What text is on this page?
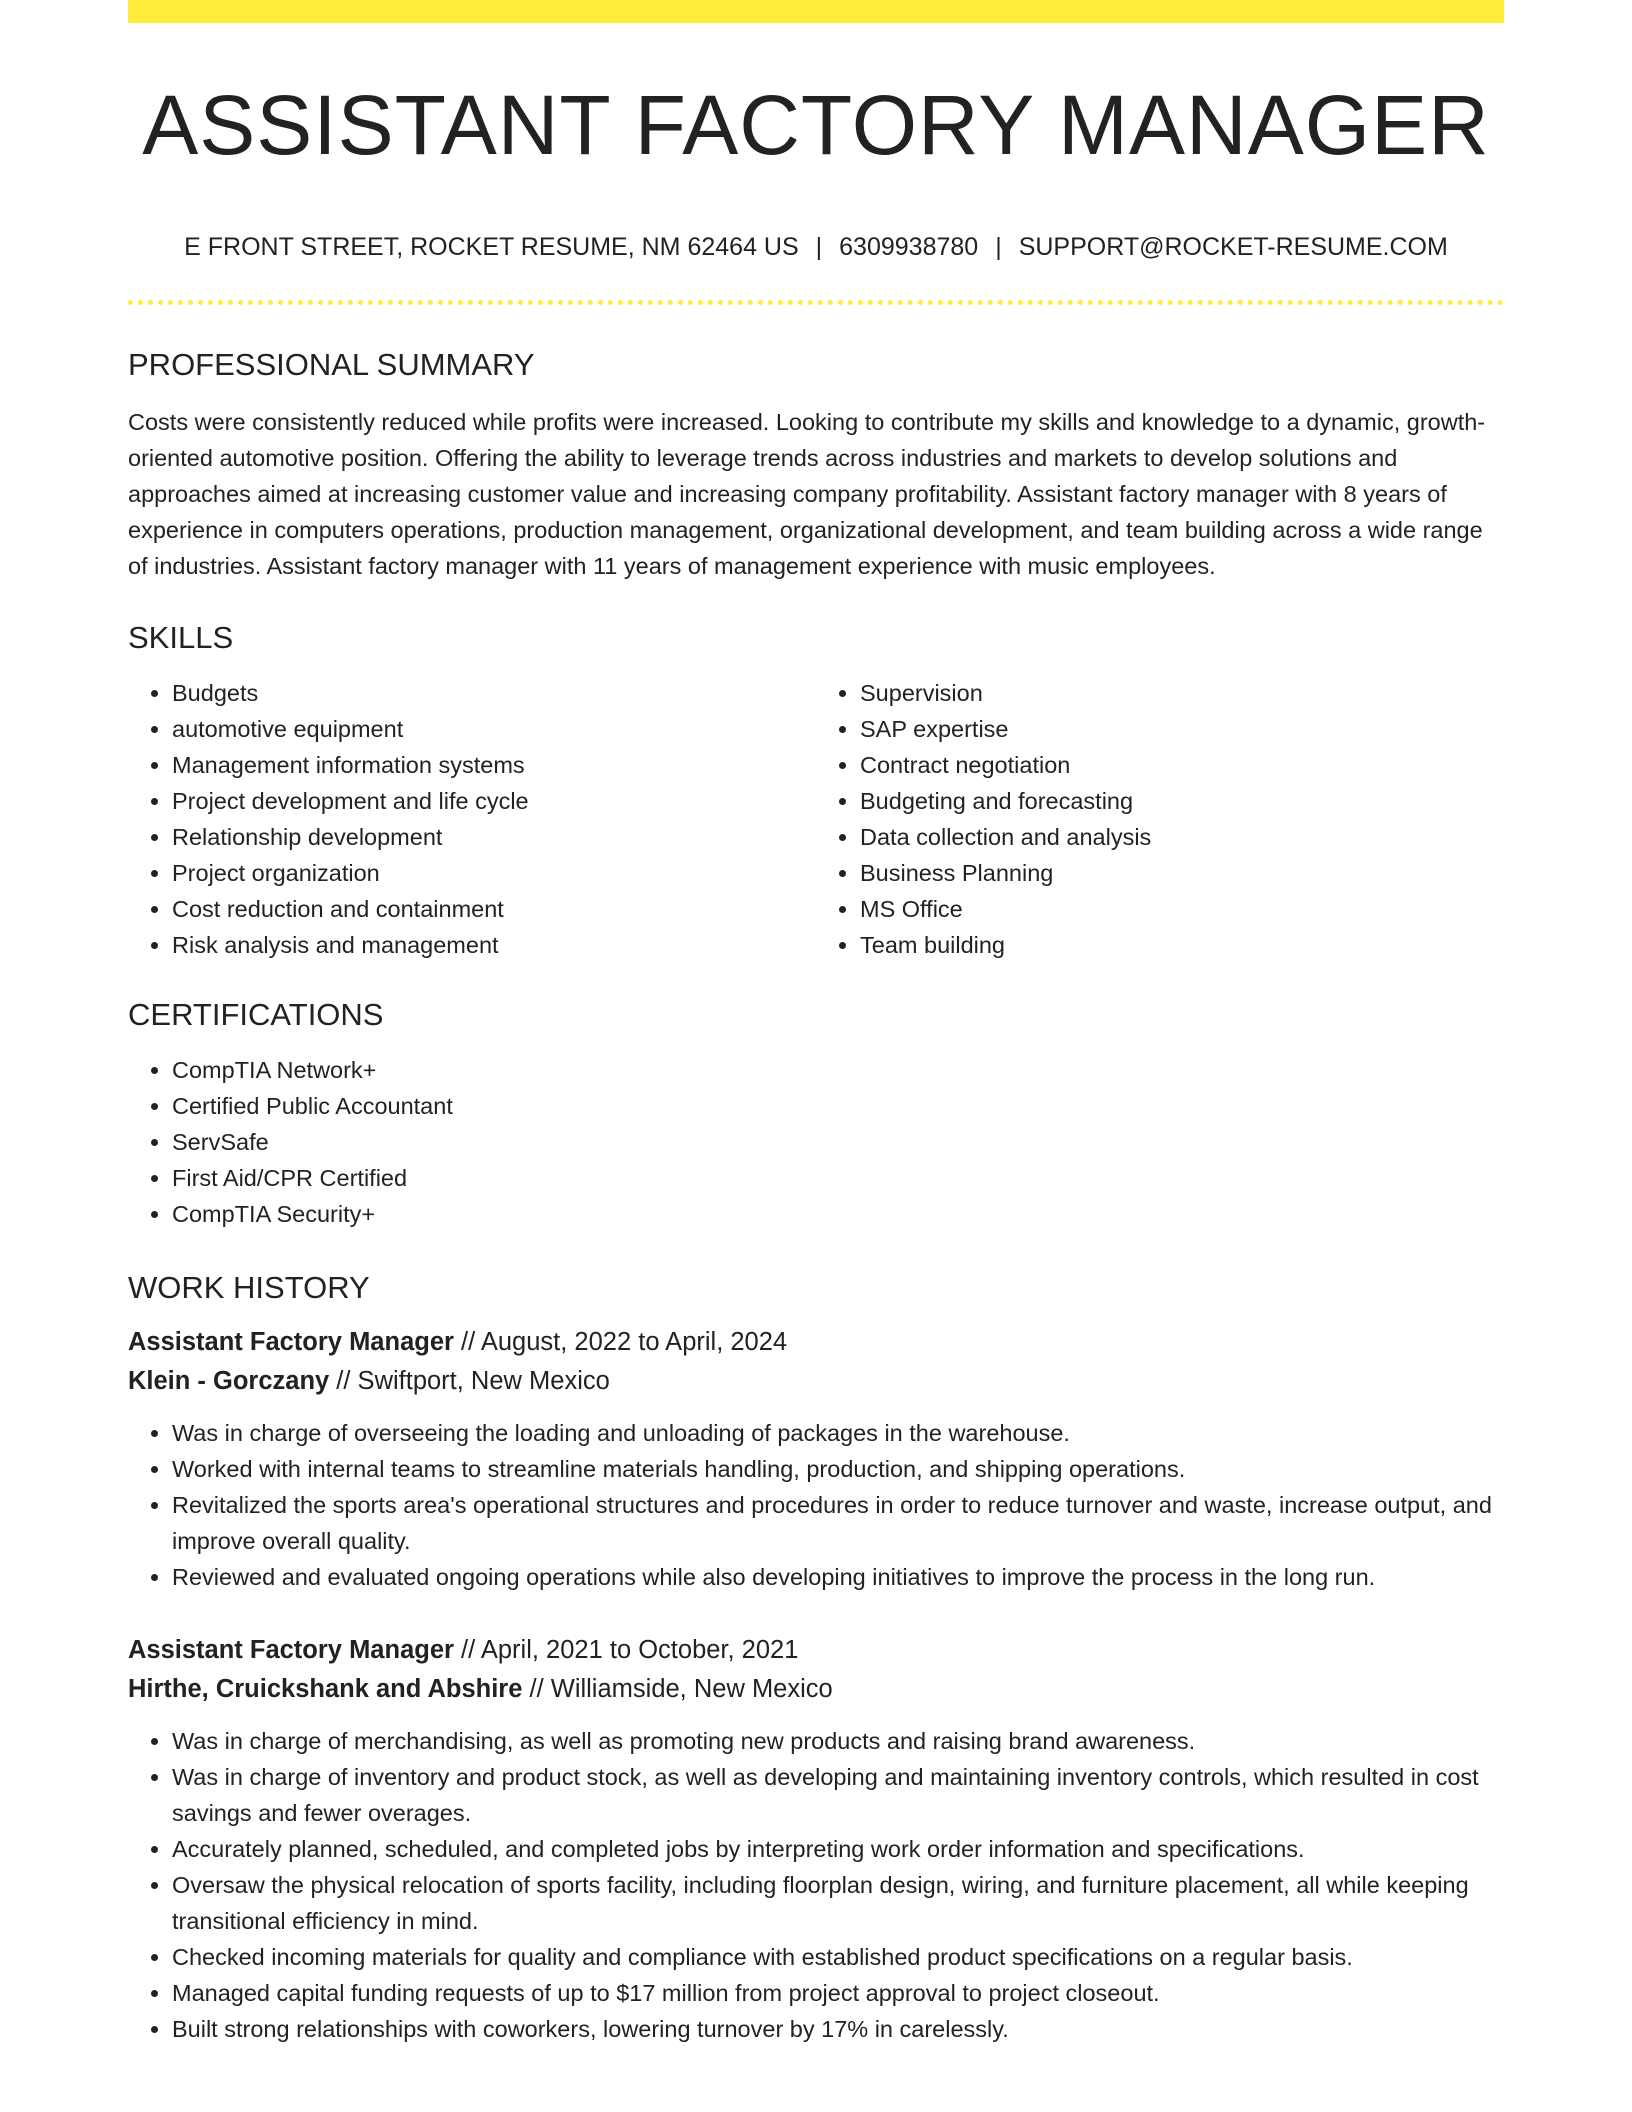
ASSISTANT FACTORY MANAGER
E FRONT STREET, ROCKET RESUME, NM 62464 US | 6309938780 | SUPPORT@ROCKET-RESUME.COM
PROFESSIONAL SUMMARY

Costs were consistently reduced while profits were increased. Looking to contribute my skills and knowledge to a dynamic, growth-oriented automotive position. Offering the ability to leverage trends across industries and markets to develop solutions and approaches aimed at increasing customer value and increasing company profitability. Assistant factory manager with 8 years of experience in computers operations, production management, organizational development, and team building across a wide range of industries. Assistant factory manager with 11 years of management experience with music employees.

SKILLS
• Budgets
• automotive equipment
• Management information systems
• Project development and life cycle
• Relationship development
• Project organization
• Cost reduction and containment
• Risk analysis and management
• Supervision
• SAP expertise
• Contract negotiation
• Budgeting and forecasting
• Data collection and analysis
• Business Planning
• MS Office
• Team building
CERTIFICATIONS
• CompTIA Network+
• Certified Public Accountant
• ServSafe
• First Aid/CPR Certified
• CompTIA Security+
WORK HISTORY
Assistant Factory Manager // August, 2022 to April, 2024
Klein - Gorczany // Swiftport, New Mexico
• Was in charge of overseeing the loading and unloading of packages in the warehouse.
• Worked with internal teams to streamline materials handling, production, and shipping operations.
• Revitalized the sports area's operational structures and procedures in order to reduce turnover and waste, increase output, and improve overall quality.
• Reviewed and evaluated ongoing operations while also developing initiatives to improve the process in the long run.
Assistant Factory Manager // April, 2021 to October, 2021
Hirthe, Cruickshank and Abshire // Williamside, New Mexico
• Was in charge of merchandising, as well as promoting new products and raising brand awareness.
• Was in charge of inventory and product stock, as well as developing and maintaining inventory controls, which resulted in cost savings and fewer overages.
• Accurately planned, scheduled, and completed jobs by interpreting work order information and specifications.
• Oversaw the physical relocation of sports facility, including floorplan design, wiring, and furniture placement, all while keeping transitional efficiency in mind.
• Checked incoming materials for quality and compliance with established product specifications on a regular basis.
• Managed capital funding requests of up to $17 million from project approval to project closeout.
• Built strong relationships with coworkers, lowering turnover by 17% in carelessly.
